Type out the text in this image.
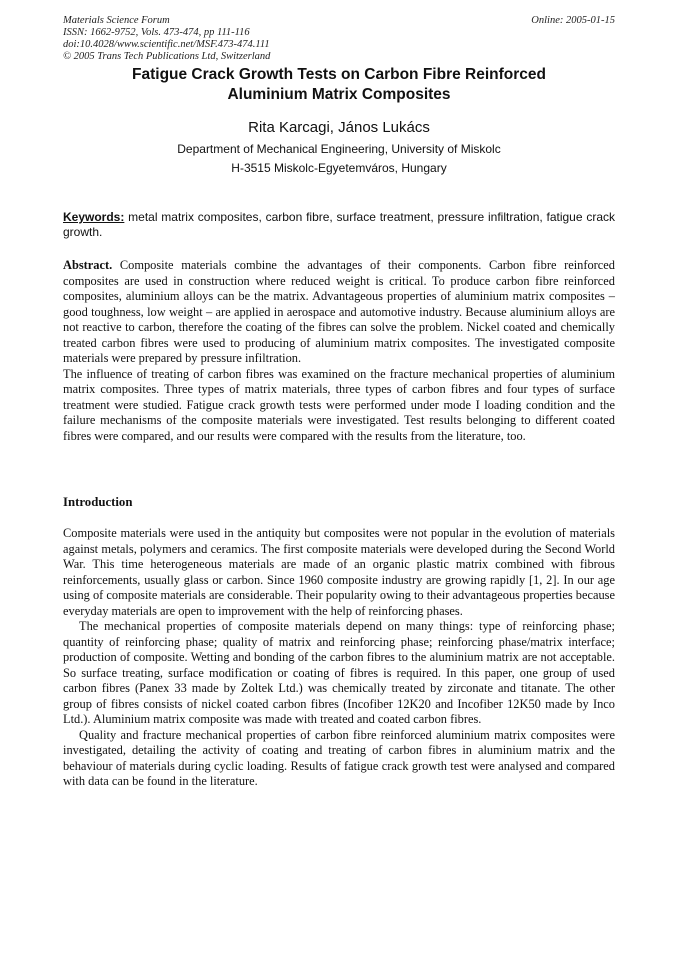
Materials Science Forum
ISSN: 1662-9752, Vols. 473-474, pp 111-116
doi:10.4028/www.scientific.net/MSF.473-474.111
© 2005 Trans Tech Publications Ltd, Switzerland
Online: 2005-01-15
Fatigue Crack Growth Tests on Carbon Fibre Reinforced
Aluminium Matrix Composites
Rita Karcagi, János Lukács
Department of Mechanical Engineering, University of Miskolc
H-3515 Miskolc-Egyetemváros, Hungary
Keywords: metal matrix composites, carbon fibre, surface treatment, pressure infiltration, fatigue crack growth.

Abstract. Composite materials combine the advantages of their components. Carbon fibre reinforced composites are used in construction where reduced weight is critical. To produce carbon fibre reinforced composites, aluminium alloys can be the matrix. Advantageous properties of aluminium matrix composites – good toughness, low weight – are applied in aerospace and automotive industry. Because aluminium alloys are not reactive to carbon, therefore the coating of the fibres can solve the problem. Nickel coated and chemically treated carbon fibres were used to producing of aluminium matrix composites. The investigated composite materials were prepared by pressure infiltration.

The influence of treating of carbon fibres was examined on the fracture mechanical properties of aluminium matrix composites. Three types of matrix materials, three types of carbon fibres and four types of surface treatment were studied. Fatigue crack growth tests were performed under mode I loading condition and the failure mechanisms of the composite materials were investigated. Test results belonging to different coated fibres were compared, and our results were compared with the results from the literature, too.

Introduction

Composite materials were used in the antiquity but composites were not popular in the evolution of materials against metals, polymers and ceramics. The first composite materials were developed during the Second World War. This time heterogeneous materials are made of an organic plastic matrix combined with fibrous reinforcements, usually glass or carbon. Since 1960 composite industry are growing rapidly [1, 2]. In our age using of composite materials are considerable. Their popularity owing to their advantageous properties because everyday materials are open to improvement with the help of reinforcing phases.

The mechanical properties of composite materials depend on many things: type of reinforcing phase; quantity of reinforcing phase; quality of matrix and reinforcing phase; reinforcing phase/matrix interface; production of composite. Wetting and bonding of the carbon fibres to the aluminium matrix are not acceptable. So surface treating, surface modification or coating of fibres is required. In this paper, one group of used carbon fibres (Panex 33 made by Zoltek Ltd.) was chemically treated by zirconate and titanate. The other group of fibres consists of nickel coated carbon fibres (Incofiber 12K20 and Incofiber 12K50 made by Inco Ltd.). Aluminium matrix composite was made with treated and coated carbon fibres.

Quality and fracture mechanical properties of carbon fibre reinforced aluminium matrix composites were investigated, detailing the activity of coating and treating of carbon fibres in aluminium matrix and the behaviour of materials during cyclic loading. Results of fatigue crack growth test were analysed and compared with data can be found in the literature.
